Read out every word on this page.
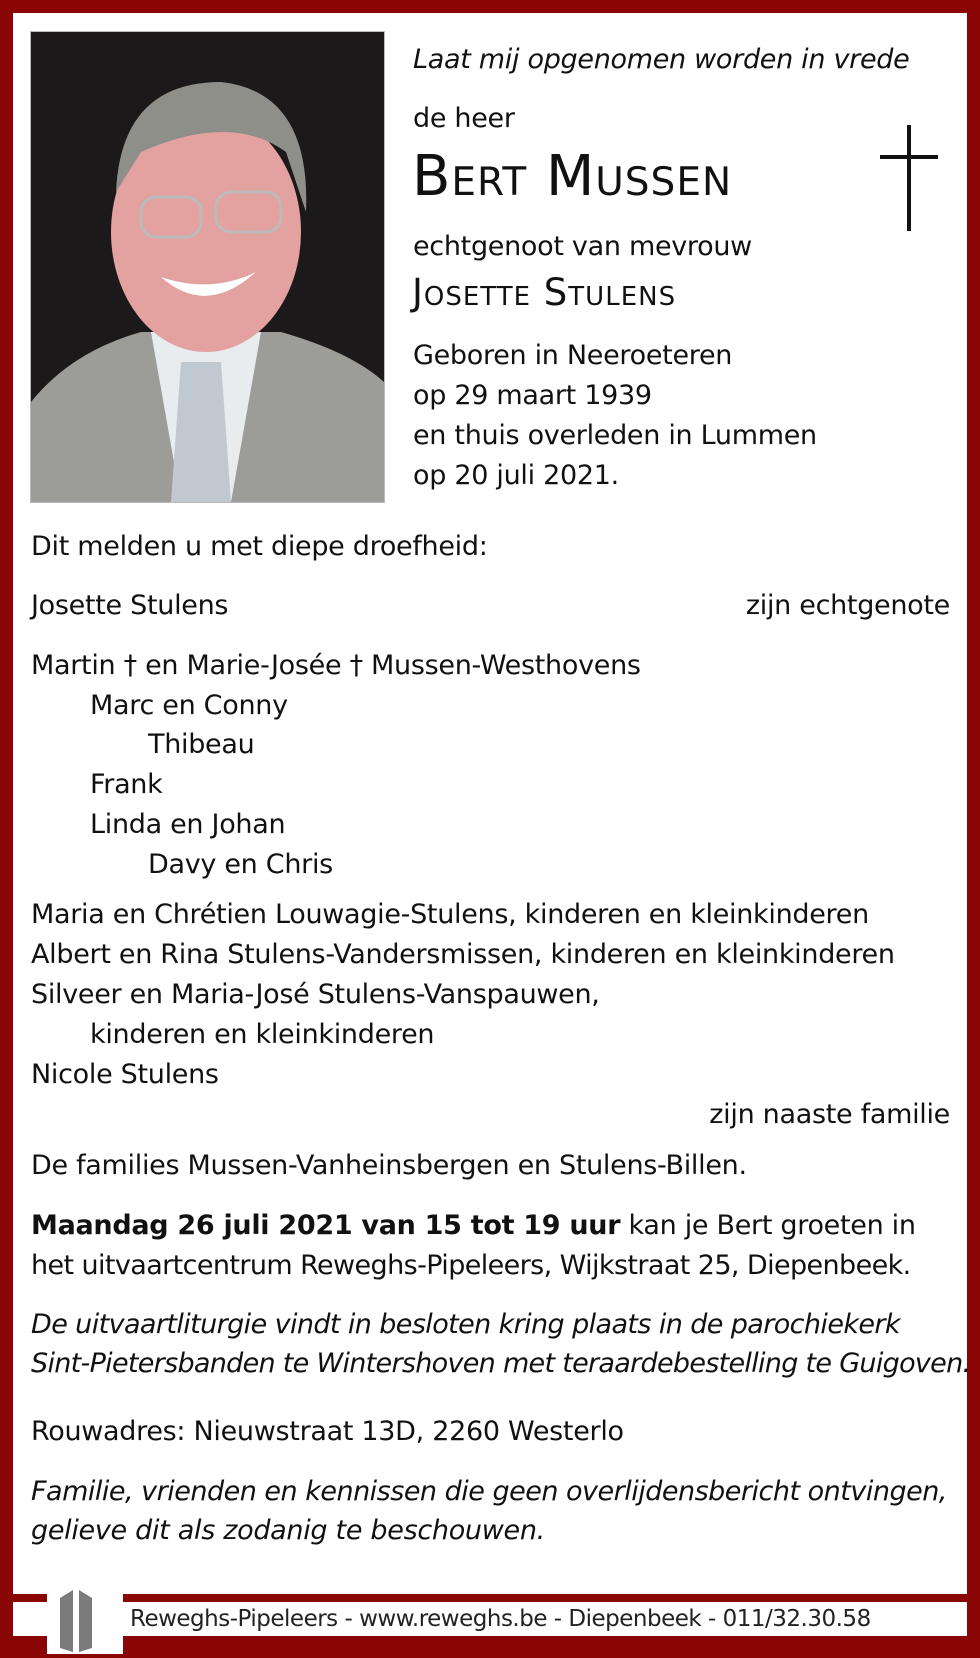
Laat mij opgenomen worden in vrede
de heer
Bert Mussen
echtgenoot van mevrouw
Josette Stulens
Geboren in Neeroeteren
op 29 maart 1939
en thuis overleden in Lummen
op 20 juli 2021.
Dit melden u met diepe droefheid:
Josette Stulens	zijn echtgenote
Martin † en Marie-Josée † Mussen-Westhovens
Marc en Conny
Thibeau
Frank
Linda en Johan
Davy en Chris
Maria en Chrétien Louwagie-Stulens, kinderen en kleinkinderen
Albert en Rina Stulens-Vandersmissen, kinderen en kleinkinderen
Silveer en Maria-José Stulens-Vanspauwen,
kinderen en kleinkinderen
Nicole Stulens
zijn naaste familie
De families Mussen-Vanheinsbergen en Stulens-Billen.
Maandag 26 juli 2021 van 15 tot 19 uur kan je Bert groeten in
het uitvaartcentrum Reweghs-Pipeleers, Wijkstraat 25, Diepenbeek.
De uitvaartliturgie vindt in besloten kring plaats in de parochiekerk
Sint-Pietersbanden te Wintershoven met teraardebestelling te Guigoven.
Rouwadres: Nieuwstraat 13D, 2260 Westerlo
Familie, vrienden en kennissen die geen overlijdensbericht ontvingen,
gelieve dit als zodanig te beschouwen.
Reweghs-Pipeleers - www.reweghs.be - Diepenbeek - 011/32.30.58
